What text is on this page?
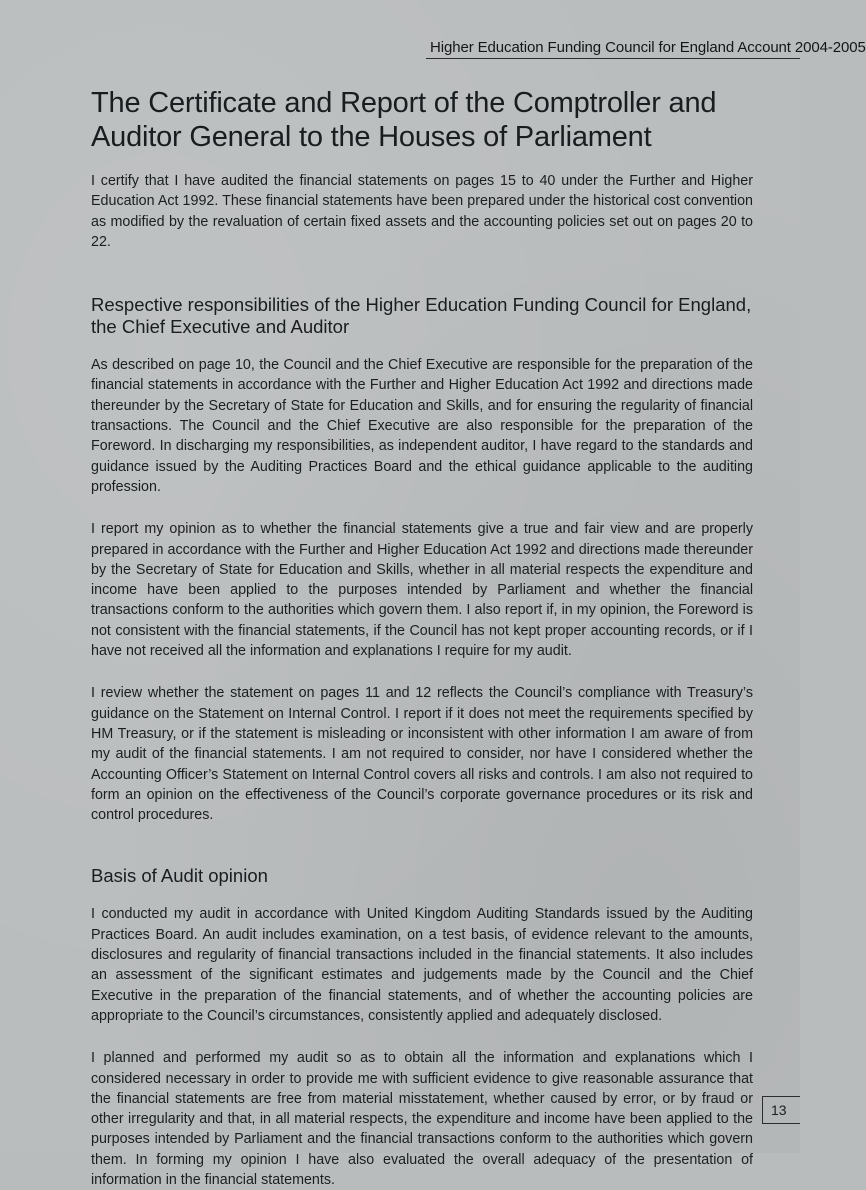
Higher Education Funding Council for England Account 2004-2005
The Certificate and Report of the Comptroller and Auditor General to the Houses of Parliament

I certify that I have audited the financial statements on pages 15 to 40 under the Further and Higher Education Act 1992. These financial statements have been prepared under the historical cost convention as modified by the revaluation of certain fixed assets and the accounting policies set out on pages 20 to 22.

Respective responsibilities of the Higher Education Funding Council for England, the Chief Executive and Auditor

As described on page 10, the Council and the Chief Executive are responsible for the preparation of the financial statements in accordance with the Further and Higher Education Act 1992 and directions made thereunder by the Secretary of State for Education and Skills, and for ensuring the regularity of financial transactions. The Council and the Chief Executive are also responsible for the preparation of the Foreword. In discharging my responsibilities, as independent auditor, I have regard to the standards and guidance issued by the Auditing Practices Board and the ethical guidance applicable to the auditing profession.

I report my opinion as to whether the financial statements give a true and fair view and are properly prepared in accordance with the Further and Higher Education Act 1992 and directions made thereunder by the Secretary of State for Education and Skills, whether in all material respects the expenditure and income have been applied to the purposes intended by Parliament and whether the financial transactions conform to the authorities which govern them. I also report if, in my opinion, the Foreword is not consistent with the financial statements, if the Council has not kept proper accounting records, or if I have not received all the information and explanations I require for my audit.

I review whether the statement on pages 11 and 12 reflects the Council’s compliance with Treasury’s guidance on the Statement on Internal Control. I report if it does not meet the requirements specified by HM Treasury, or if the statement is misleading or inconsistent with other information I am aware of from my audit of the financial statements. I am not required to consider, nor have I considered whether the Accounting Officer’s Statement on Internal Control covers all risks and controls. I am also not required to form an opinion on the effectiveness of the Council’s corporate governance procedures or its risk and control procedures.

Basis of Audit opinion

I conducted my audit in accordance with United Kingdom Auditing Standards issued by the Auditing Practices Board. An audit includes examination, on a test basis, of evidence relevant to the amounts, disclosures and regularity of financial transactions included in the financial statements. It also includes an assessment of the significant estimates and judgements made by the Council and the Chief Executive in the preparation of the financial statements, and of whether the accounting policies are appropriate to the Council’s circumstances, consistently applied and adequately disclosed.

I planned and performed my audit so as to obtain all the information and explanations which I considered necessary in order to provide me with sufficient evidence to give reasonable assurance that the financial statements are free from material misstatement, whether caused by error, or by fraud or other irregularity and that, in all material respects, the expenditure and income have been applied to the purposes intended by Parliament and the financial transactions conform to the authorities which govern them. In forming my opinion I have also evaluated the overall adequacy of the presentation of information in the financial statements.

13
